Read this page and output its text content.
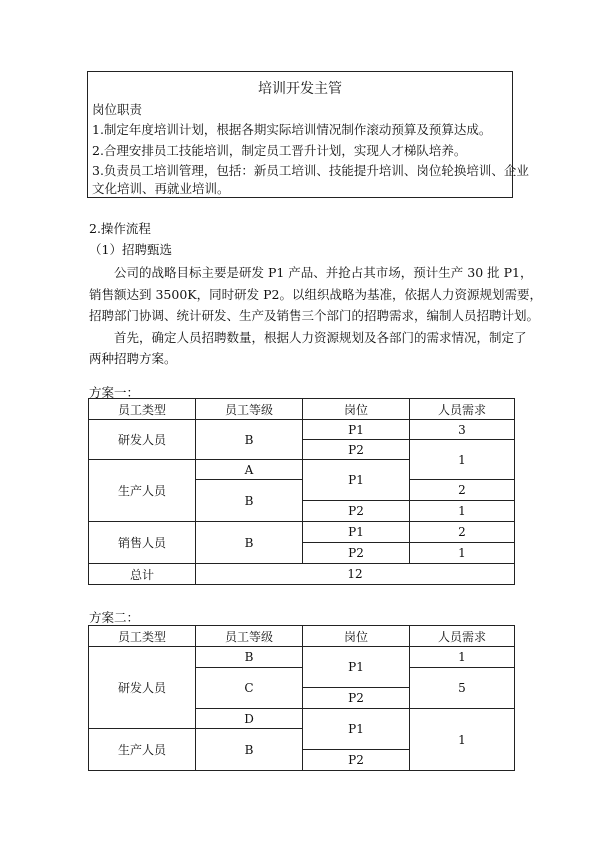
培训开发主管
岗位职责
1.制定年度培训计划，根据各期实际培训情况制作滚动预算及预算达成。
2.合理安排员工技能培训，制定员工晋升计划，实现人才梯队培养。
3.负责员工培训管理，包括：新员工培训、技能提升培训、岗位轮换培训、企业
文化培训、再就业培训。
2.操作流程
（1）招聘甄选
公司的战略目标主要是研发 P1 产品、并抢占其市场，预计生产 30 批 P1，
销售额达到 3500K，同时研发 P2。以组织战略为基准，依据人力资源规划需要，
招聘部门协调、统计研发、生产及销售三个部门的招聘需求，编制人员招聘计划。
首先，确定人员招聘数量，根据人力资源规划及各部门的需求情况，制定了
两种招聘方案。
方案一：
员工类型	员工等级	岗位	人员需求
研发人员	B	P1	3
		P2	1
生产人员	A	P1	
	B		2
		P2	1
销售人员	B	P1	2
		P2	1
总计	12		
方案二：
员工类型	员工等级	岗位	人员需求
研发人员	B	P1	1
	C		5
		P2	
	D	P1	1
生产人员	B		
		P2	
